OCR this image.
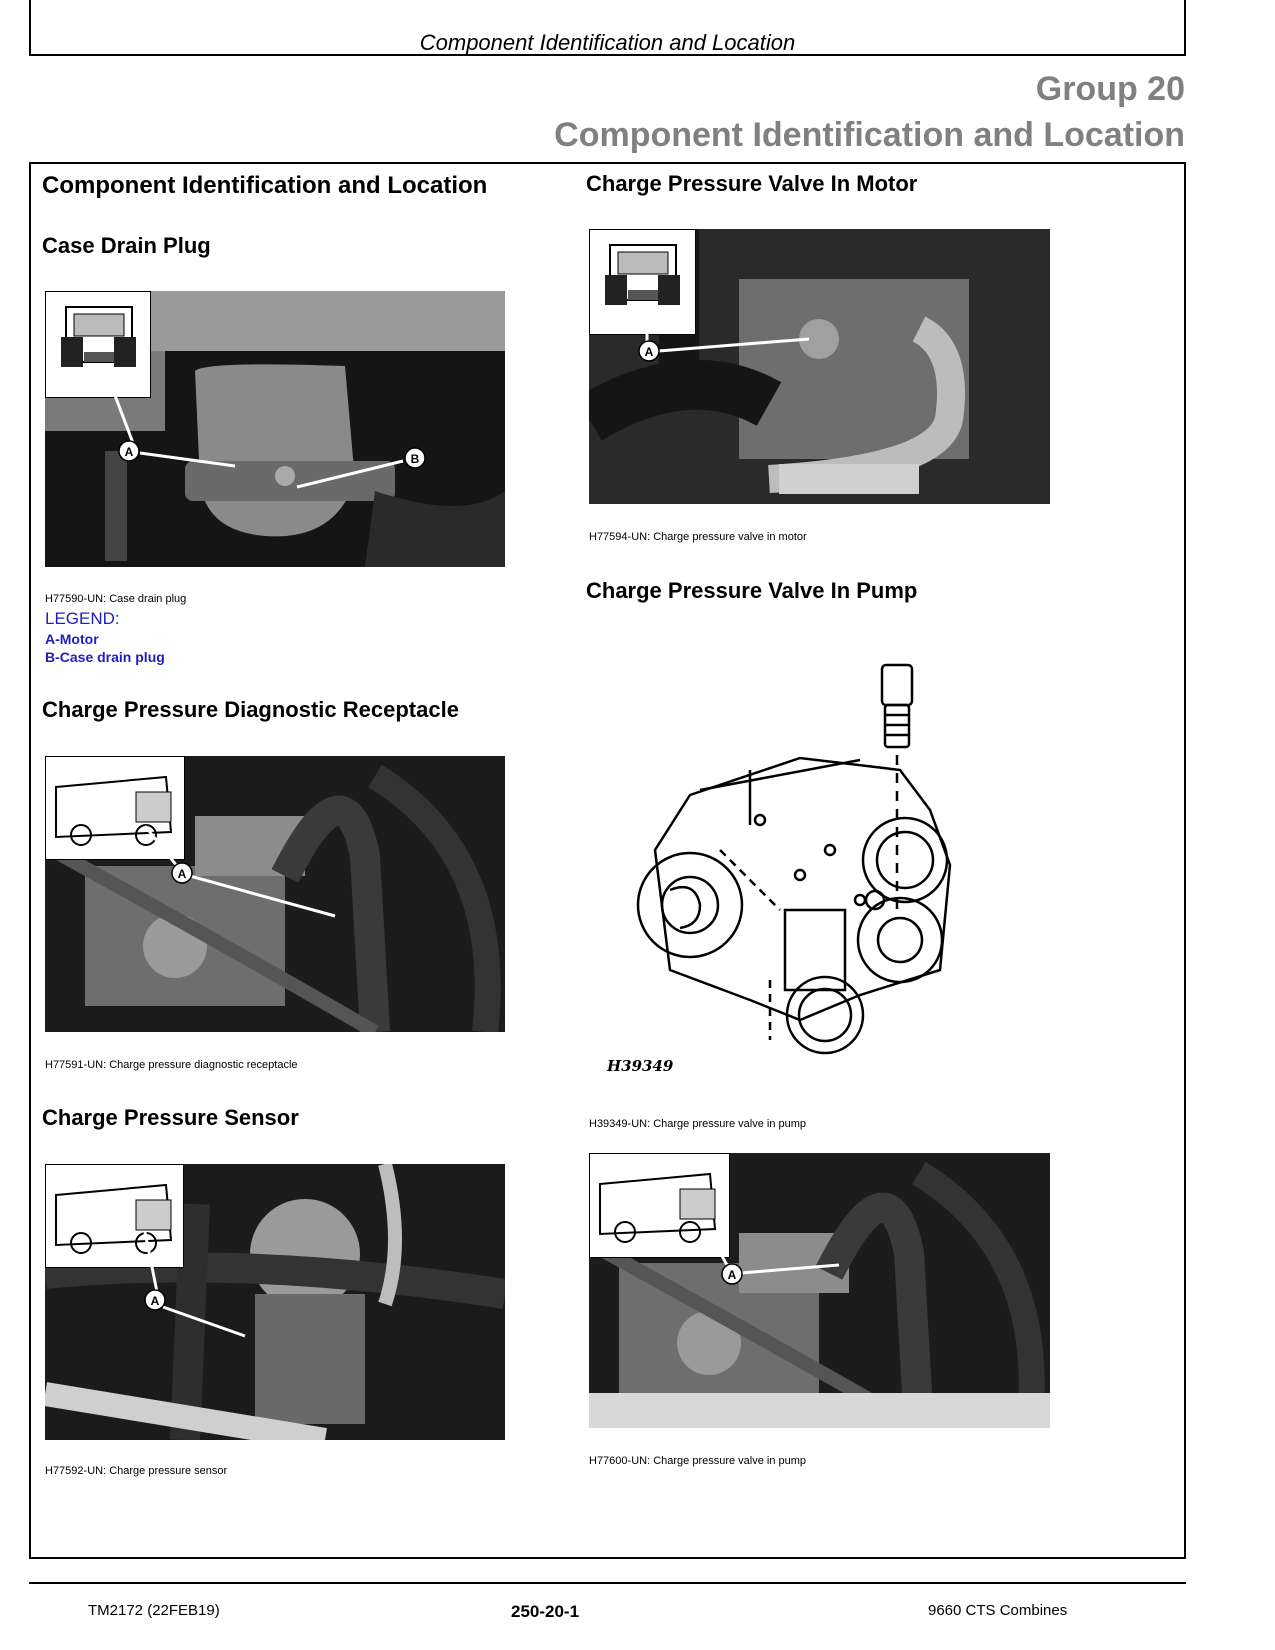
Component Identification and Location
Group 20
Component Identification and Location
Component Identification and Location
Case Drain Plug
A	B
H77590-UN: Case drain plug
LEGEND:
A-Motor
B-Case drain plug
Charge Pressure Diagnostic Receptacle
A
H77591-UN: Charge pressure diagnostic receptacle
Charge Pressure Sensor
A
H77592-UN: Charge pressure sensor
Charge Pressure Valve In Motor
A
H77594-UN: Charge pressure valve in motor
Charge Pressure Valve In Pump
H39349
H39349-UN: Charge pressure valve in pump
A
H77600-UN: Charge pressure valve in pump
TM2172 (22FEB19)	250-20-1	9660 CTS Combines
